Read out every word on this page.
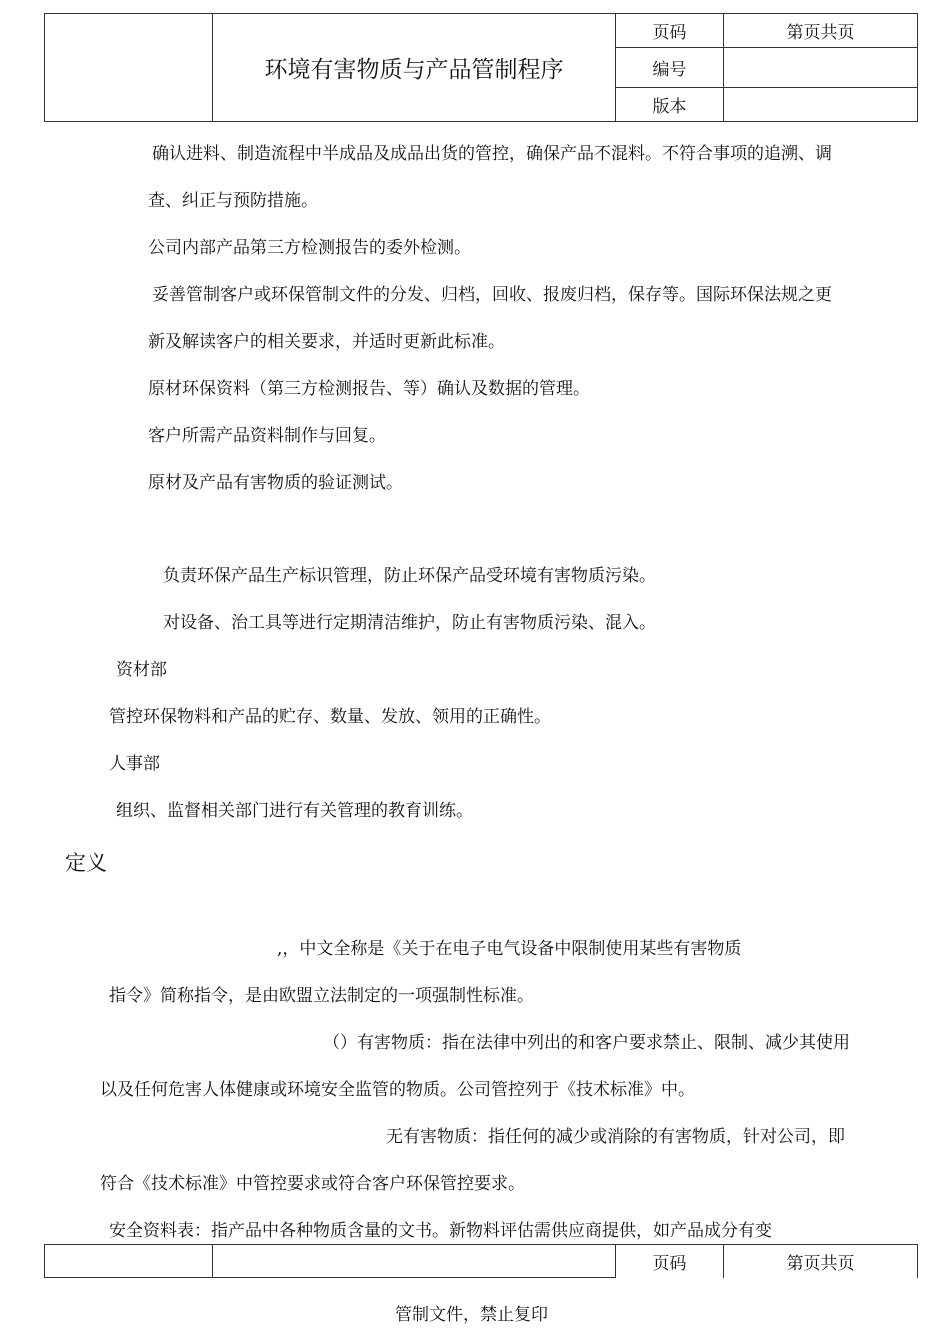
	环境有害物质与产品管制程序	页码	第页共页
		编号	
		版本	
确认进料、制造流程中半成品及成品出货的管控，确保产品不混料。不符合事项的追溯、调
查、纠正与预防措施。
公司内部产品第三方检测报告的委外检测。
妥善管制客户或环保管制文件的分发、归档，回收、报废归档，保存等。国际环保法规之更
新及解读客户的相关要求，并适时更新此标准。
原材环保资料（第三方检测报告、等）确认及数据的管理。
客户所需产品资料制作与回复。
原材及产品有害物质的验证测试。
负责环保产品生产标识管理，防止环保产品受环境有害物质污染。
对设备、治工具等进行定期清洁维护，防止有害物质污染、混入。
资材部
管控环保物料和产品的贮存、数量、发放、领用的正确性。
人事部
组织、监督相关部门进行有关管理的教育训练。
定义
,，中文全称是《关于在电子电气设备中限制使用某些有害物质
指令》简称指令，是由欧盟立法制定的一项强制性标准。
（）有害物质：指在法律中列出的和客户要求禁止、限制、减少其使用
以及任何危害人体健康或环境安全监管的物质。公司管控列于《技术标准》中。
无有害物质：指任何的减少或消除的有害物质，针对公司，即
符合《技术标准》中管控要求或符合客户环保管控要求。
安全资料表：指产品中各种物质含量的文书。新物料评估需供应商提供，如产品成分有变
		页码	第页共页
管制文件，禁止复印
